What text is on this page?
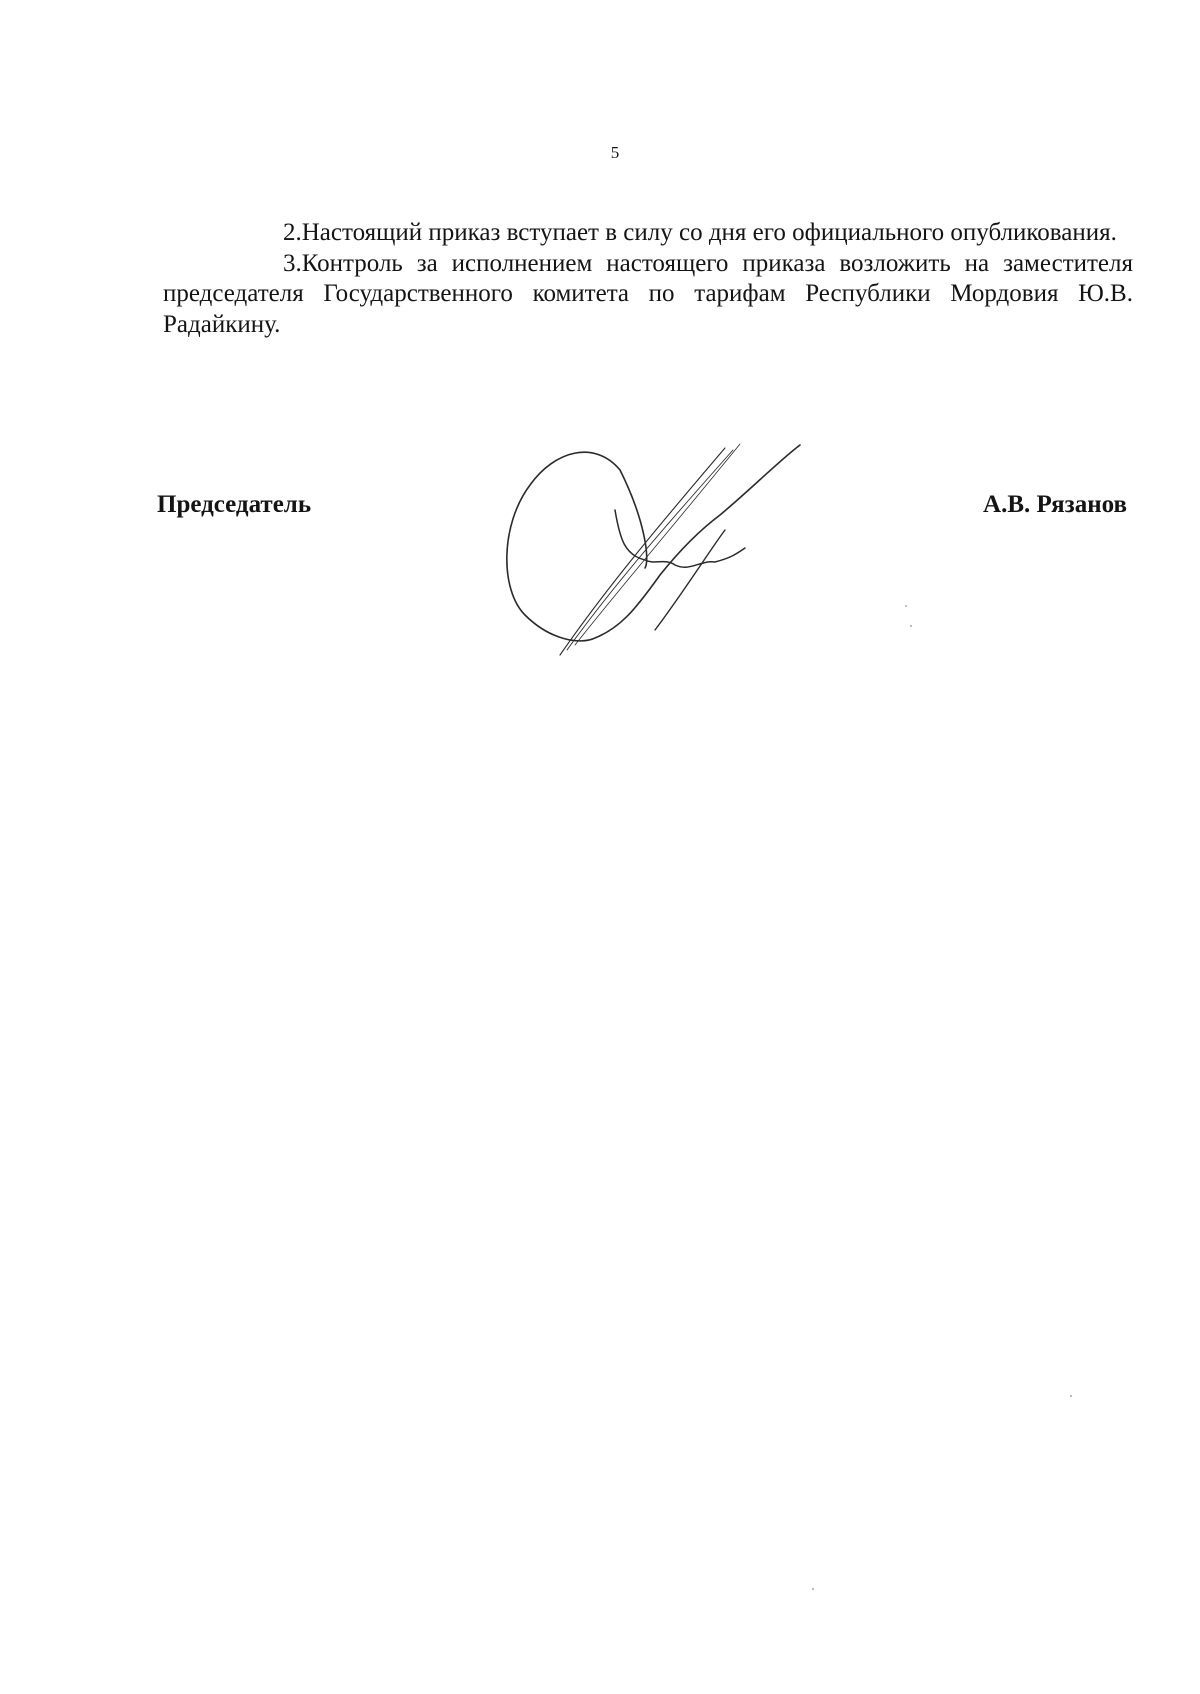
5

2.Настоящий приказ вступает в силу со дня его официального опубликования.

3.Контроль за исполнением настоящего приказа возложить на заместителя председателя Государственного комитета по тарифам Республики Мордовия Ю.В. Радайкину.

Председатель	А.В. Рязанов
